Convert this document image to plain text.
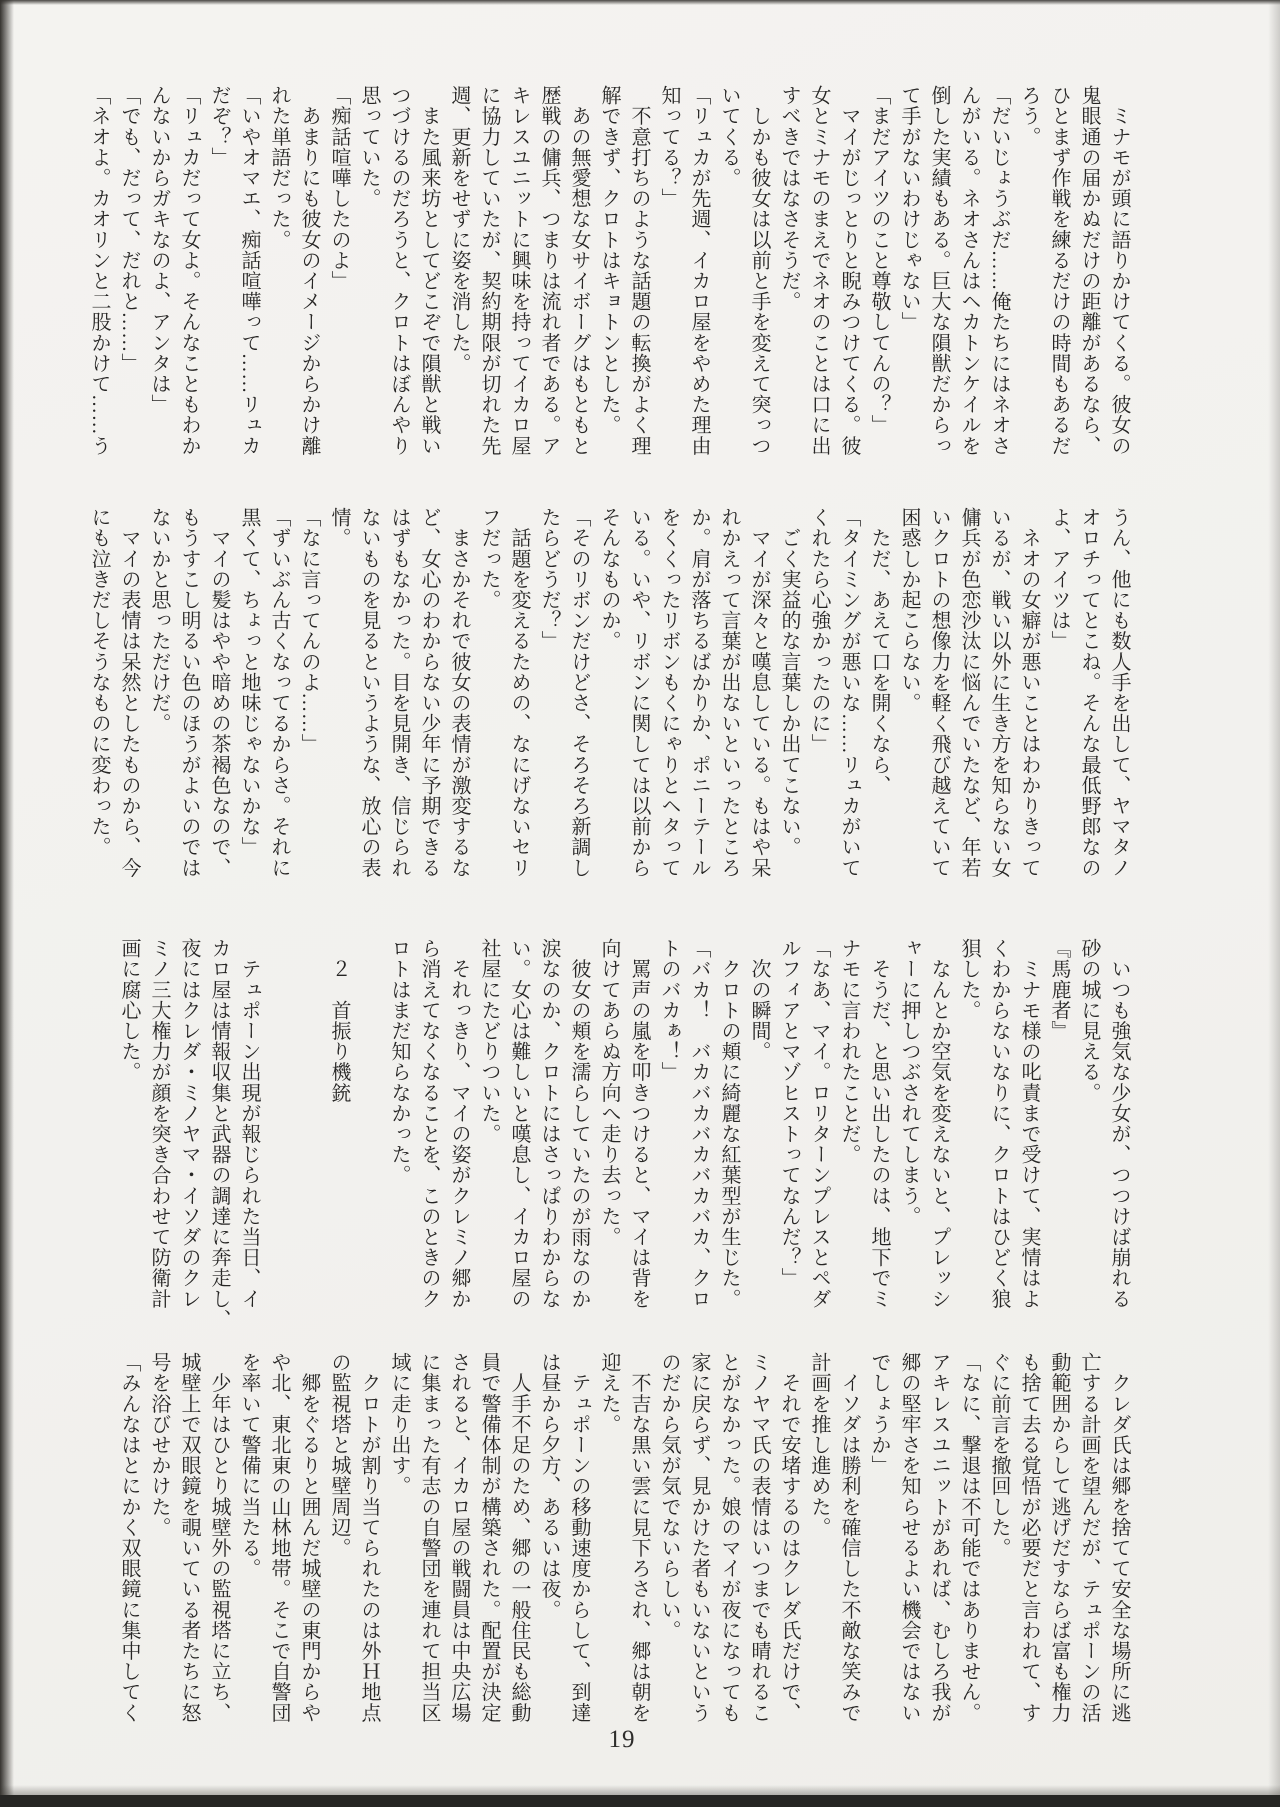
　ミナモが頭に語りかけてくる。彼女の

鬼眼通の届かぬだけの距離があるなら、

ひとまず作戦を練るだけの時間もあるだ

ろう。

「だいじょうぶだ……俺たちにはネオさ

んがいる。ネオさんはヘカトンケイルを

倒した実績もある。巨大な隕獣だからっ

て手がないわけじゃない」

「まだアイツのこと尊敬してんの？」

　マイがじっとりと睨みつけてくる。彼

女とミナモのまえでネオのことは口に出

すべきではなさそうだ。

　しかも彼女は以前と手を変えて突っつ

いてくる。

「リュカが先週、イカロ屋をやめた理由

知ってる？」

　不意打ちのような話題の転換がよく理

解できず、クロトはキョトンとした。

　あの無愛想な女サイボーグはもともと

歴戦の傭兵、つまりは流れ者である。ア

キレスユニットに興味を持ってイカロ屋

に協力していたが、契約期限が切れた先

週、更新をせずに姿を消した。

　また風来坊としてどこぞで隕獣と戦い

つづけるのだろうと、クロトはぼんやり

思っていた。

「痴話喧嘩したのよ」

　あまりにも彼女のイメージからかけ離

れた単語だった。

「いやオマエ、痴話喧嘩って……リュカ

だぞ？」

「リュカだって女よ。そんなこともわか

んないからガキなのよ、アンタは」

「でも、だって、だれと……」

「ネオよ。カオリンと二股かけて……う

うん、他にも数人手を出して、ヤマタノ

オロチってとこね。そんな最低野郎なの

よ、アイツは」

　ネオの女癖が悪いことはわかりきって

いるが、戦い以外に生き方を知らない女

傭兵が色恋沙汰に悩んでいたなど、年若

いクロトの想像力を軽く飛び越えていて

困惑しか起こらない。

　ただ、あえて口を開くなら、

「タイミングが悪いな……リュカがいて

くれたら心強かったのに」

　ごく実益的な言葉しか出てこない。

　マイが深々と嘆息している。もはや呆

れかえって言葉が出ないといったところ

か。肩が落ちるばかりか、ポニーテール

をくくったリボンもくにゃりとヘタって

いる。いや、リボンに関しては以前から

そんなものか。

「そのリボンだけどさ、そろそろ新調し

たらどうだ？」

　話題を変えるための、なにげないセリ

フだった。

　まさかそれで彼女の表情が激変するな

ど、女心のわからない少年に予期できる

はずもなかった。目を見開き、信じられ

ないものを見るというような、放心の表

情。

「なに言ってんのよ……」

「ずいぶん古くなってるからさ。それに

黒くて、ちょっと地味じゃないかな」

　マイの髪はやや暗めの茶褐色なので、

もうすこし明るい色のほうがよいのでは

ないかと思っただけだ。

　マイの表情は呆然としたものから、今

にも泣きだしそうなものに変わった。

　いつも強気な少女が、つつけば崩れる

砂の城に見える。

『馬鹿者』

　ミナモ様の叱責まで受けて、実情はよ

くわからないなりに、クロトはひどく狼

狽した。

　なんとか空気を変えないと、プレッシ

ャーに押しつぶされてしまう。

　そうだ、と思い出したのは、地下でミ

ナモに言われたことだ。

「なあ、マイ。ロリターンプレスとペダ

ルフィアとマゾヒストってなんだ？」

　次の瞬間。

　クロトの頬に綺麗な紅葉型が生じた。

「バカ！　バカバカバカバカバカ、クロ

トのバカぁ！」

　罵声の嵐を叩きつけると、マイは背を

向けてあらぬ方向へ走り去った。

　彼女の頬を濡らしていたのが雨なのか

涙なのか、クロトにはさっぱりわからな

い。女心は難しいと嘆息し、イカロ屋の

社屋にたどりついた。

　それっきり、マイの姿がクレミノ郷か

ら消えてなくなることを、このときのク

ロトはまだ知らなかった。

　２　首振り機銃

　テュポーン出現が報じられた当日、イ

カロ屋は情報収集と武器の調達に奔走し、

夜にはクレダ・ミノヤマ・イソダのクレ

ミノ三大権力が顔を突き合わせて防衛計

画に腐心した。

　クレダ氏は郷を捨てて安全な場所に逃

亡する計画を望んだが、テュポーンの活

動範囲からして逃げだすならば富も権力

も捨て去る覚悟が必要だと言われて、す

ぐに前言を撤回した。

「なに、撃退は不可能ではありません。

アキレスユニットがあれば、むしろ我が

郷の堅牢さを知らせるよい機会ではない

でしょうか」

　イソダは勝利を確信した不敵な笑みで

計画を推し進めた。

　それで安堵するのはクレダ氏だけで、

ミノヤマ氏の表情はいつまでも晴れるこ

とがなかった。娘のマイが夜になっても

家に戻らず、見かけた者もいないという

のだから気が気でないらしい。

　不吉な黒い雲に見下ろされ、郷は朝を

迎えた。

　テュポーンの移動速度からして、到達

は昼から夕方、あるいは夜。

　人手不足のため、郷の一般住民も総動

員で警備体制が構築された。配置が決定

されると、イカロ屋の戦闘員は中央広場

に集まった有志の自警団を連れて担当区

域に走り出す。

　クロトが割り当てられたのは外Ｈ地点

の監視塔と城壁周辺。

　郷をぐるりと囲んだ城壁の東門からや

や北、東北東の山林地帯。そこで自警団

を率いて警備に当たる。

　少年はひとり城壁外の監視塔に立ち、

城壁上で双眼鏡を覗いている者たちに怒

号を浴びせかけた。

「みんなはとにかく双眼鏡に集中してく

19
